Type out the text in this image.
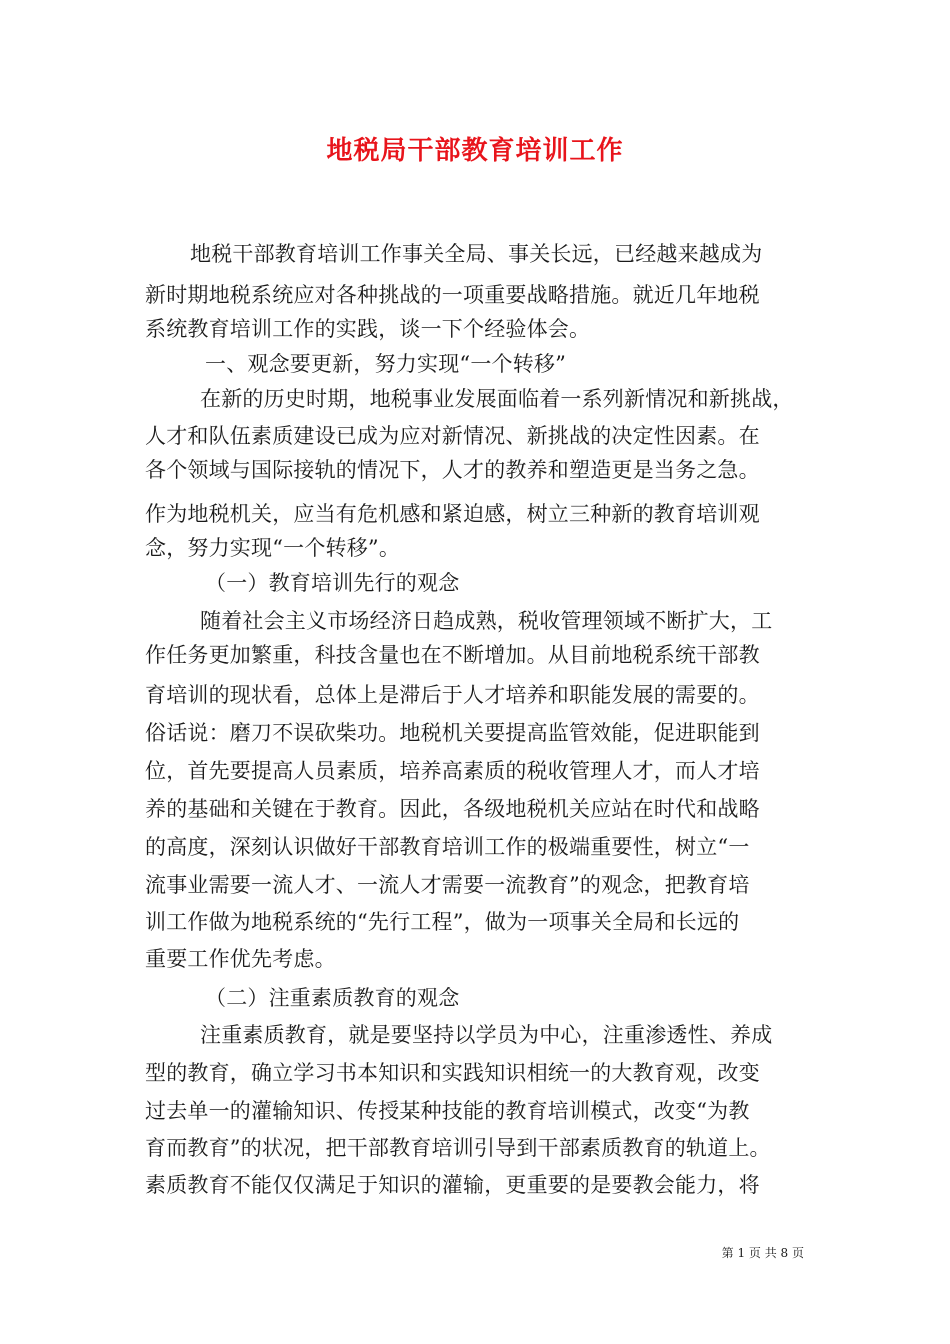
地税局干部教育培训工作

地税干部教育培训工作事关全局、事关长远，已经越来越成为

新时期地税系统应对各种挑战的一项重要战略措施。就近几年地税

系统教育培训工作的实践，谈一下个经验体会。

一、观念要更新，努力实现“一个转移”

在新的历史时期，地税事业发展面临着一系列新情况和新挑战，

人才和队伍素质建设已成为应对新情况、新挑战的决定性因素。在

各个领域与国际接轨的情况下，人才的教养和塑造更是当务之急。

作为地税机关，应当有危机感和紧迫感，树立三种新的教育培训观

念，努力实现“一个转移”。

（一）教育培训先行的观念

随着社会主义市场经济日趋成熟，税收管理领域不断扩大，工

作任务更加繁重，科技含量也在不断增加。从目前地税系统干部教

育培训的现状看，总体上是滞后于人才培养和职能发展的需要的。

俗话说：磨刀不误砍柴功。地税机关要提高监管效能，促进职能到

位，首先要提高人员素质，培养高素质的税收管理人才，而人才培

养的基础和关键在于教育。因此，各级地税机关应站在时代和战略

的高度，深刻认识做好干部教育培训工作的极端重要性，树立“一

流事业需要一流人才、一流人才需要一流教育”的观念，把教育培

训工作做为地税系统的“先行工程”，做为一项事关全局和长远的

重要工作优先考虑。

（二）注重素质教育的观念

注重素质教育，就是要坚持以学员为中心，注重渗透性、养成

型的教育，确立学习书本知识和实践知识相统一的大教育观，改变

过去单一的灌输知识、传授某种技能的教育培训模式，改变“为教

育而教育”的状况，把干部教育培训引导到干部素质教育的轨道上。

素质教育不能仅仅满足于知识的灌输，更重要的是要教会能力，将

第 1 页 共 8 页
